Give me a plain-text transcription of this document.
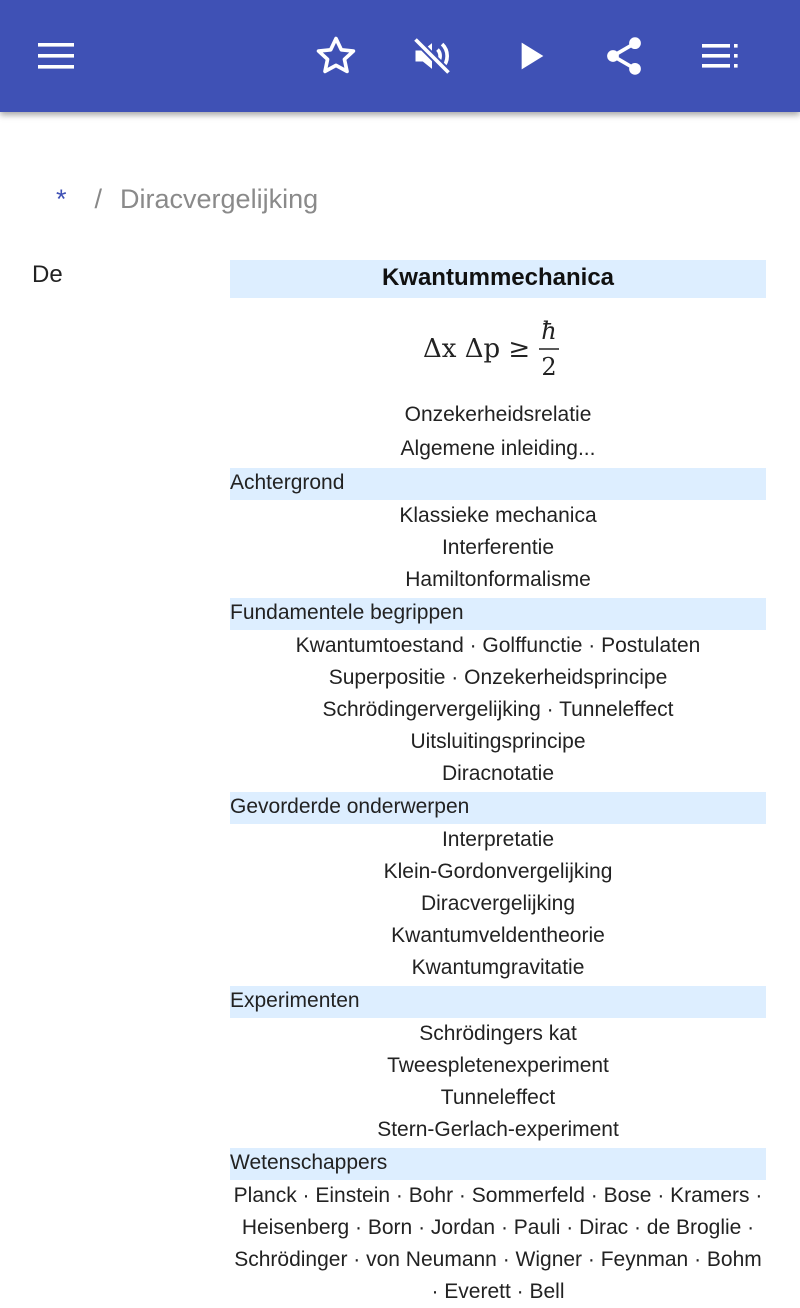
* / Diracvergelijking
De	Kwantummechanica
Δx Δp ≥
ħ
2
Onzekerheidsrelatie
Algemene inleiding...
Achtergrond
Klassieke mechanica
Interferentie
Hamiltonformalisme
Fundamentele begrippen
Kwantumtoestand · Golffunctie · Postulaten
Superpositie · Onzekerheidsprincipe
Schrödingervergelijking · Tunneleffect
Uitsluitingsprincipe
Diracnotatie
Gevorderde onderwerpen
Interpretatie
Klein-Gordonvergelijking
Diracvergelijking
Kwantumveldentheorie
Kwantumgravitatie
Experimenten
Schrödingers kat
Tweespletenexperiment
Tunneleffect
Stern-Gerlach-experiment
Wetenschappers
Planck · Einstein · Bohr · Sommerfeld · Bose · Kramers · Heisenberg · Born · Jordan · Pauli · Dirac · de Broglie · Schrödinger · von Neumann · Wigner · Feynman · Bohm · Everett · Bell
